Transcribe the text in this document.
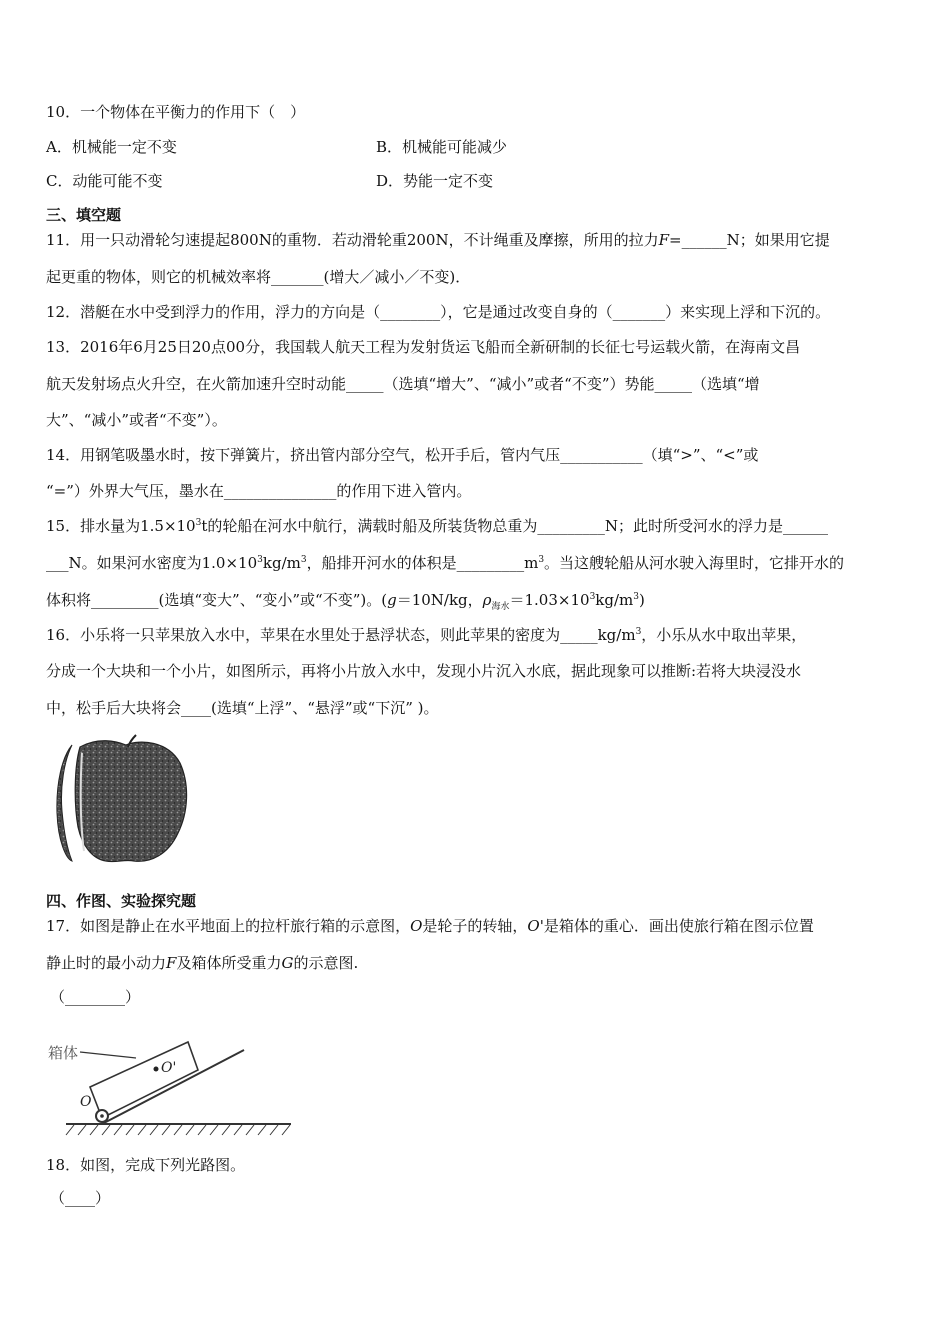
10．一个物体在平衡力的作用下（　）
A．机械能一定不变	B．机械能可能减少
C．动能可能不变	D．势能一定不变
三、填空题
11．用一只动滑轮匀速提起800N的重物．若动滑轮重200N，不计绳重及摩擦，所用的拉力F=______N；如果用它提
起更重的物体，则它的机械效率将_______(增大／减小／不变)．
12．潜艇在水中受到浮力的作用，浮力的方向是（________），它是通过改变自身的（_______）来实现上浮和下沉的。
13．2016年6月25日20点00分，我国载人航天工程为发射货运飞船而全新研制的长征七号运载火箭，在海南文昌
航天发射场点火升空，在火箭加速升空时动能_____（选填“增大”、“减小”或者“不变”）势能_____（选填“增
大”、“减小”或者“不变”）。
14．用钢笔吸墨水时，按下弹簧片，挤出管内部分空气，松开手后，管内气压___________（填“>”、“<”或
“=”）外界大气压，墨水在_______________的作用下进入管内。
15．排水量为$1.5\times 10^3t$的轮船在河水中航行，满载时船及所装货物总重为_________N；此时所受河水的浮力是______
___N。如果河水密度为$1.0\times 10^3kg/m^3$，船排开河水的体积是$\_\_\_\_\_\_\_\_\_m^3$。当这艘轮船从河水驶入海里时，它排开水的
体积将_________(选填“变大”、“变小”或“不变”)。(g＝10N/kg，$\rho_{海水}=1.03\times 10^3kg/m^3$)
16．小乐将一只苹果放入水中，苹果在水里处于悬浮状态，则此苹果的密度为$\_\_\_\_\_kg/m^3$，小乐从水中取出苹果，
分成一个大块和一个小片，如图所示，再将小片放入水中，发现小片沉入水底，据此现象可以推断:若将大块浸没水
中，松手后大块将会____(选填“上浮”、“悬浮”或“下沉” )。
四、作图、实验探究题
17．如图是静止在水平地面上的拉杆旅行箱的示意图，O是轮子的转轴，O'是箱体的重心．画出使旅行箱在图示位置
静止时的最小动力F及箱体所受重力G的示意图.
（________）
箱体
O'
O
18．如图，完成下列光路图。
（____）
